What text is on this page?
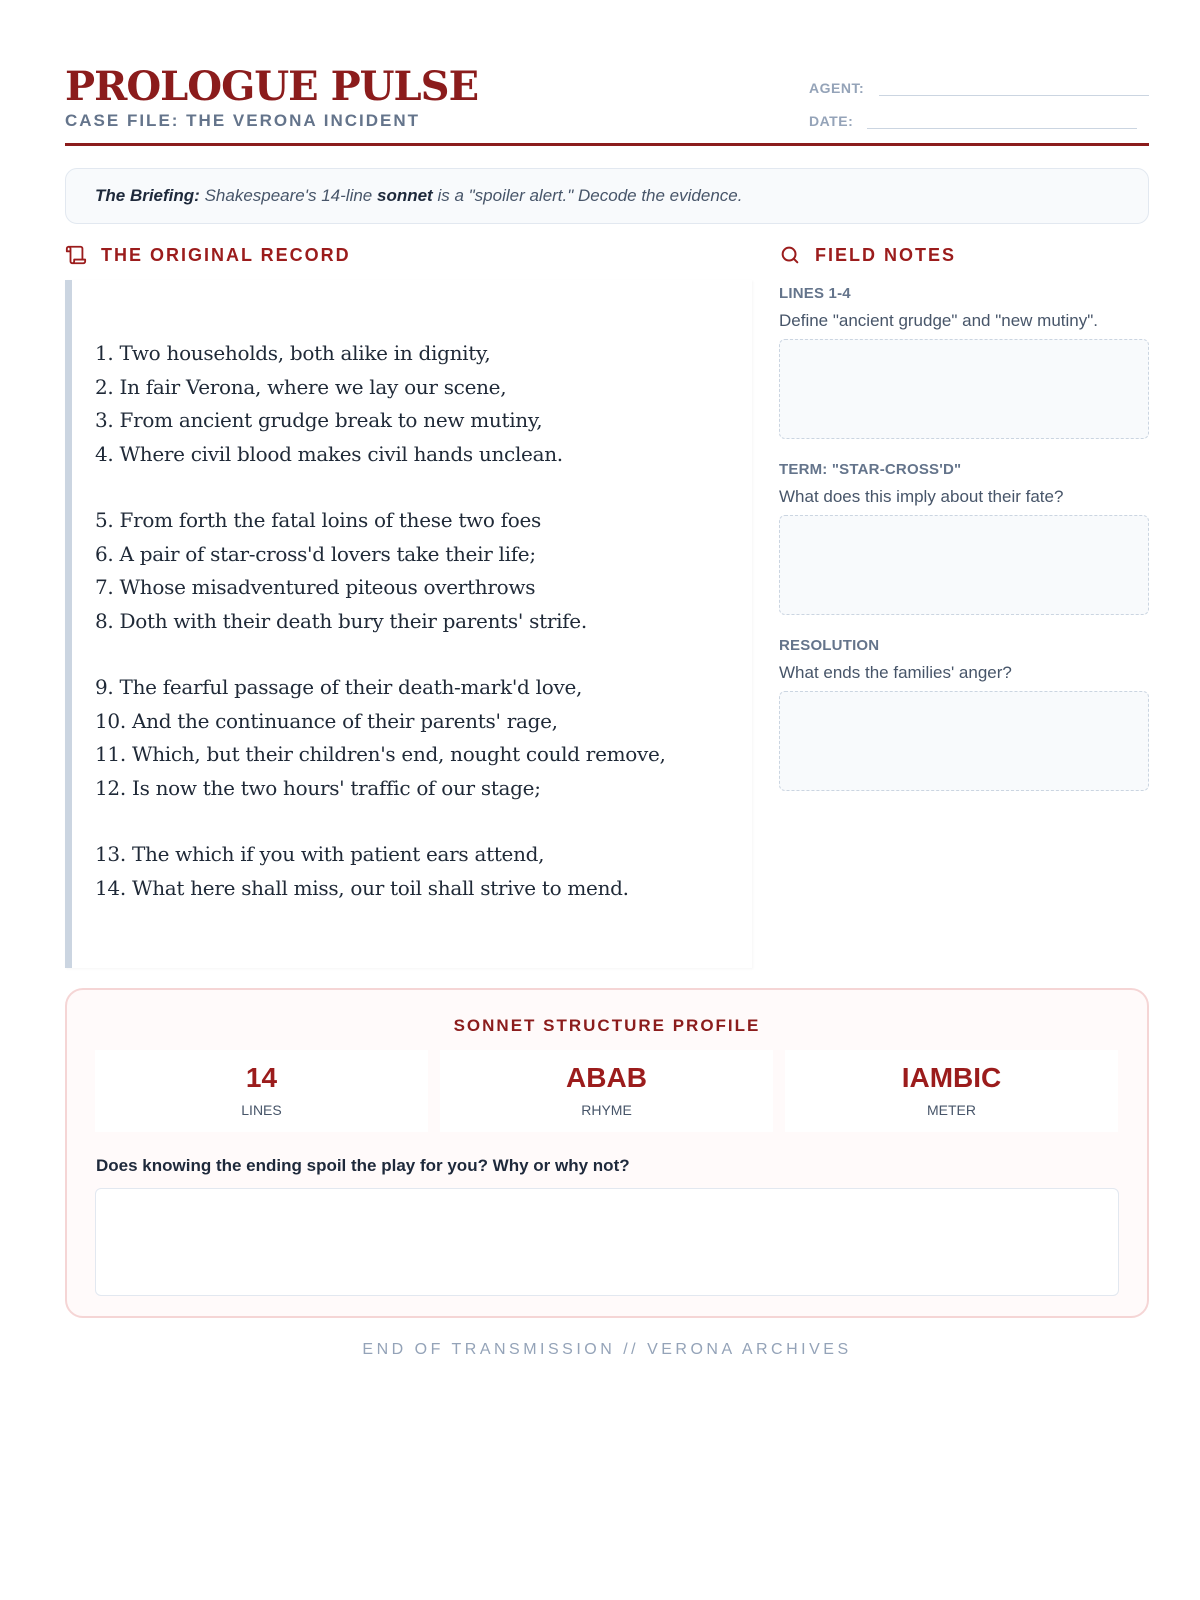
PROLOGUE PULSE
CASE FILE: THE VERONA INCIDENT
AGENT:
DATE:
The Briefing: Shakespeare's 14-line sonnet is a "spoiler alert." Decode the evidence.
THE ORIGINAL RECORD	FIELD NOTES
1. Two households, both alike in dignity,
2. In fair Verona, where we lay our scene,
3. From ancient grudge break to new mutiny,
4. Where civil blood makes civil hands unclean.
5. From forth the fatal loins of these two foes
6. A pair of star-cross'd lovers take their life;
7. Whose misadventured piteous overthrows
8. Doth with their death bury their parents' strife.
9. The fearful passage of their death-mark'd love,
10. And the continuance of their parents' rage,
11. Which, but their children's end, nought could remove,
12. Is now the two hours' traffic of our stage;
13. The which if you with patient ears attend,
14. What here shall miss, our toil shall strive to mend.
LINES 1-4
Define "ancient grudge" and "new mutiny".
TERM: "STAR-CROSS'D"
What does this imply about their fate?
RESOLUTION
What ends the families' anger?
SONNET STRUCTURE PROFILE
14
LINES
ABAB
RHYME
IAMBIC
METER
Does knowing the ending spoil the play for you? Why or why not?
END OF TRANSMISSION // VERONA ARCHIVES
